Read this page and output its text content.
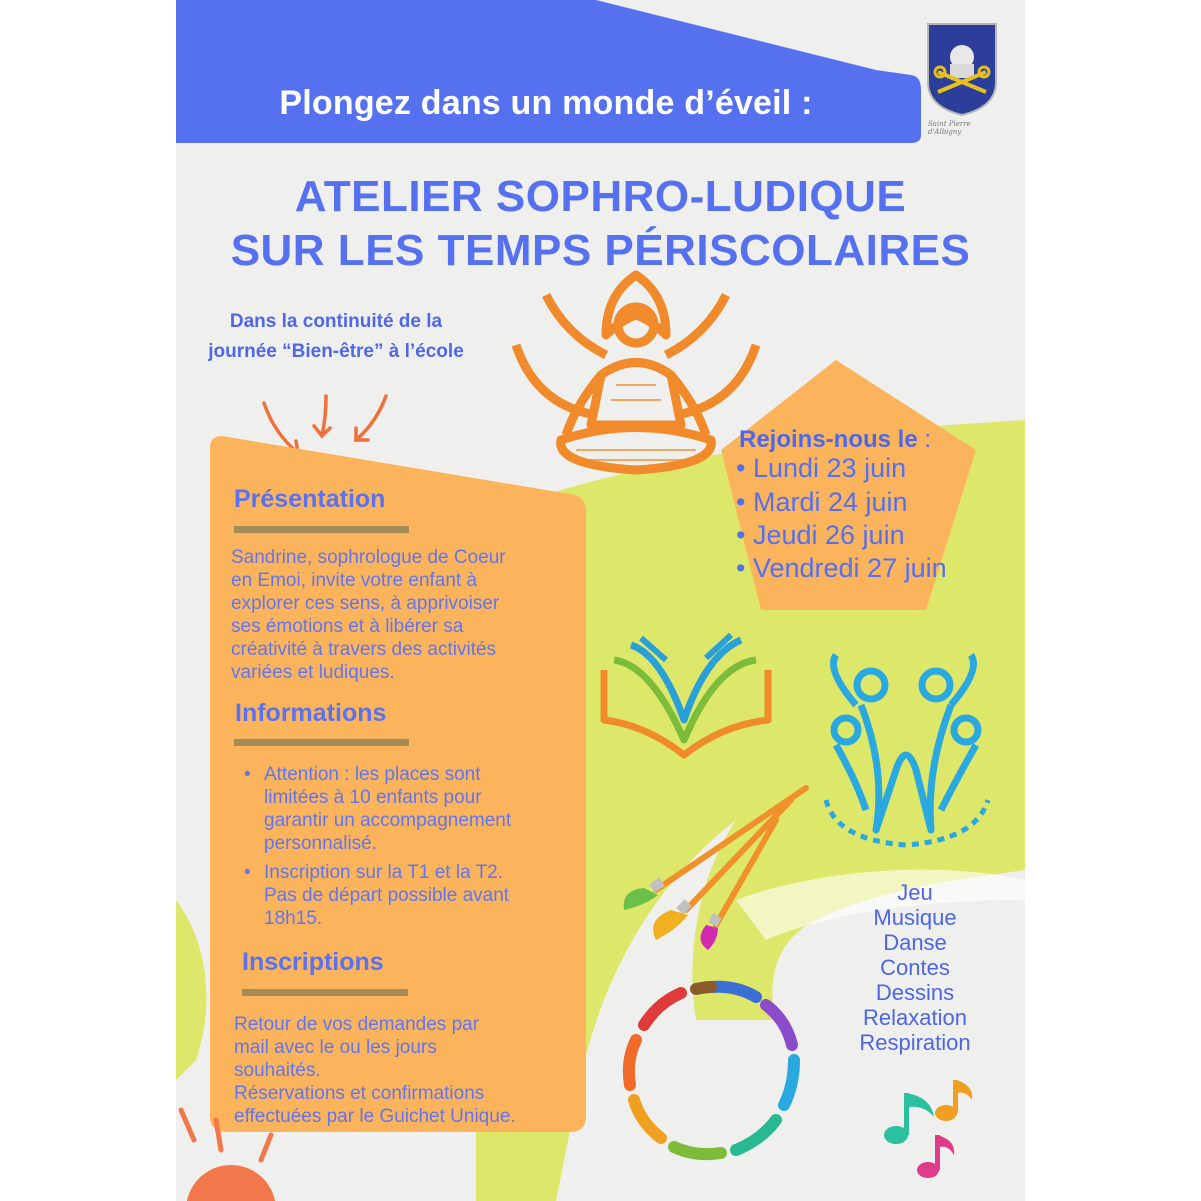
Plongez dans un monde d’éveil :
Saint Pierre d'Albigny
ATELIER SOPHRO-LUDIQUE
SUR LES TEMPS PÉRISCOLAIRES
Dans la continuité de la
journée “Bien-être” à l’école
Rejoins-nous le :
• Lundi 23 juin
• Mardi 24 juin
• Jeudi 26 juin
• Vendredi 27 juin
Présentation
Sandrine, sophrologue de Coeur
en Emoi, invite votre enfant à
explorer ces sens, à apprivoiser
ses émotions et à libérer sa
créativité à travers des activités
variées et ludiques.
Informations
• Attention : les places sont
limitées à 10 enfants pour
garantir un accompagnement
personnalisé.
• Inscription sur la T1 et la T2.
Pas de départ possible avant
18h15.
Inscriptions
Retour de vos demandes par
mail avec le ou les jours
souhaités.
Réservations et confirmations
effectuées par le Guichet Unique.
Jeu
Musique
Danse
Contes
Dessins
Relaxation
Respiration
